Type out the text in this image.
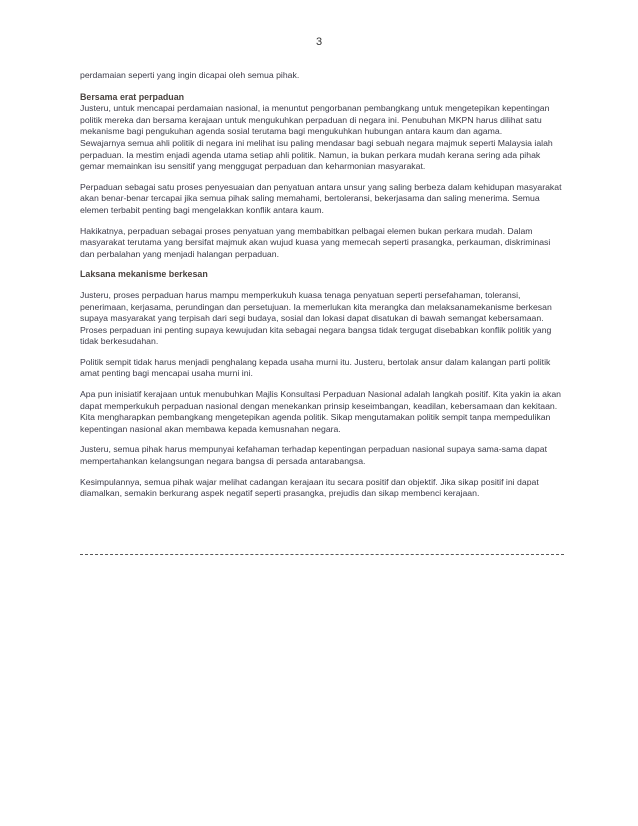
3

perdamaian seperti yang ingin dicapai oleh semua pihak.

Bersama erat perpaduan

Justeru, untuk mencapai perdamaian nasional, ia menuntut pengorbanan pembangkang untuk mengetepikan kepentingan politik mereka dan bersama kerajaan untuk mengukuhkan perpaduan di negara ini. Penubuhan MKPN harus dilihat satu mekanisme bagi pengukuhan agenda sosial terutama bagi mengukuhkan hubungan antara kaum dan agama.

Sewajarnya semua ahli politik di negara ini melihat isu paling mendasar bagi sebuah negara majmuk seperti Malaysia ialah perpaduan. Ia mestim enjadi agenda utama setiap ahli politik. Namun, ia bukan perkara mudah kerana sering ada pihak gemar memainkan isu sensitif yang menggugat perpaduan dan keharmonian masyarakat.

Perpaduan sebagai satu proses penyesuaian dan penyatuan antara unsur yang saling berbeza dalam kehidupan masyarakat akan benar-benar tercapai jika semua pihak saling memahami, bertoleransi, bekerjasama dan saling menerima. Semua elemen terbabit penting bagi mengelakkan konflik antara kaum.

Hakikatnya, perpaduan sebagai proses penyatuan yang membabitkan pelbagai elemen bukan perkara mudah. Dalam masyarakat terutama yang bersifat majmuk akan wujud kuasa yang memecah seperti prasangka, perkauman, diskriminasi dan perbalahan yang menjadi halangan perpaduan.

Laksana mekanisme berkesan

Justeru, proses perpaduan harus mampu memperkukuh kuasa tenaga penyatuan seperti persefahaman, toleransi, penerimaan, kerjasama, perundingan dan persetujuan. Ia memerlukan kita merangka dan melaksanamekanisme berkesan supaya masyarakat yang terpisah dari segi budaya, sosial dan lokasi dapat disatukan di bawah semangat kebersamaan. Proses perpaduan ini penting supaya kewujudan kita sebagai negara bangsa tidak tergugat disebabkan konflik politik yang tidak berkesudahan.

Politik sempit tidak harus menjadi penghalang kepada usaha murni itu. Justeru, bertolak ansur dalam kalangan parti politik amat penting bagi mencapai usaha murni ini.

Apa pun inisiatif kerajaan untuk menubuhkan Majlis Konsultasi Perpaduan Nasional adalah langkah positif. Kita yakin ia akan dapat memperkukuh perpaduan nasional dengan menekankan prinsip keseimbangan, keadilan, kebersamaan dan kekitaan. Kita mengharapkan pembangkang mengetepikan agenda politik. Sikap mengutamakan politik sempit tanpa mempedulikan kepentingan nasional akan membawa kepada kemusnahan negara.

Justeru, semua pihak harus mempunyai kefahaman terhadap kepentingan perpaduan nasional supaya sama-sama dapat mempertahankan kelangsungan negara bangsa di persada antarabangsa.

Kesimpulannya, semua pihak wajar melihat cadangan kerajaan itu secara positif dan objektif. Jika sikap positif ini dapat diamalkan, semakin berkurang aspek negatif seperti prasangka, prejudis dan sikap membenci kerajaan.
